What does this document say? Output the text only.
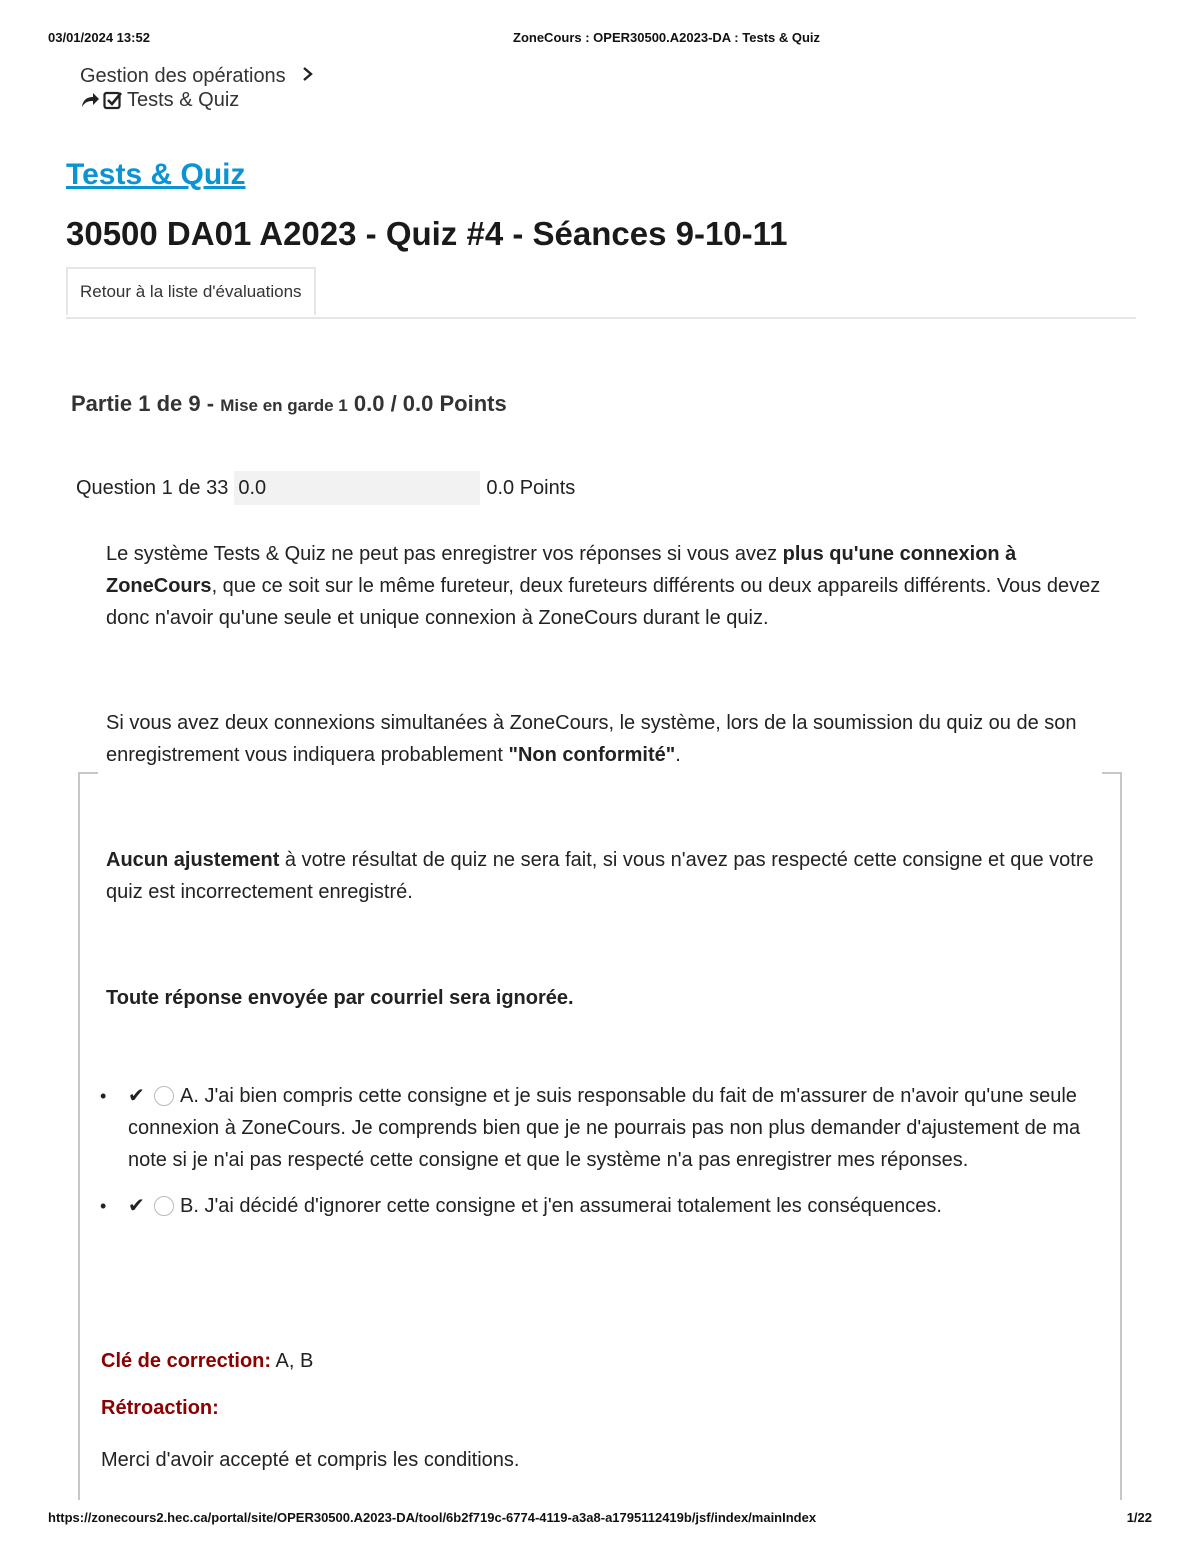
03/01/2024 13:52	ZoneCours : OPER30500.A2023-DA : Tests & Quiz
Gestion des opérations
Tests & Quiz
Tests & Quiz
30500 DA01 A2023 - Quiz #4 - Séances 9-10-11
Retour à la liste d'évaluations
Partie 1 de 9 - Mise en garde 1 0.0 / 0.0 Points
Question 1 de 33 0.0	0.0 Points

Le système Tests & Quiz ne peut pas enregistrer vos réponses si vous avez plus qu'une connexion à ZoneCours, que ce soit sur le même fureteur, deux fureteurs différents ou deux appareils différents. Vous devez donc n'avoir qu'une seule et unique connexion à ZoneCours durant le quiz.

Si vous avez deux connexions simultanées à ZoneCours, le système, lors de la soumission du quiz ou de son enregistrement vous indiquera probablement "Non conformité".

Aucun ajustement à votre résultat de quiz ne sera fait, si vous n'avez pas respecté cette consigne et que votre quiz est incorrectement enregistré.

Toute réponse envoyée par courriel sera ignorée.

• ✔ A. J'ai bien compris cette consigne et je suis responsable du fait de m'assurer de n'avoir qu'une seule connexion à ZoneCours. Je comprends bien que je ne pourrais pas non plus demander d'ajustement de ma note si je n'ai pas respecté cette consigne et que le système n'a pas enregistrer mes réponses.
• ✔ B. J'ai décidé d'ignorer cette consigne et j'en assumerai totalement les conséquences.
Clé de correction: A, B
Rétroaction:
Merci d'avoir accepté et compris les conditions.
https://zonecours2.hec.ca/portal/site/OPER30500.A2023-DA/tool/6b2f719c-6774-4119-a3a8-a1795112419b/jsf/index/mainIndex	1/22
